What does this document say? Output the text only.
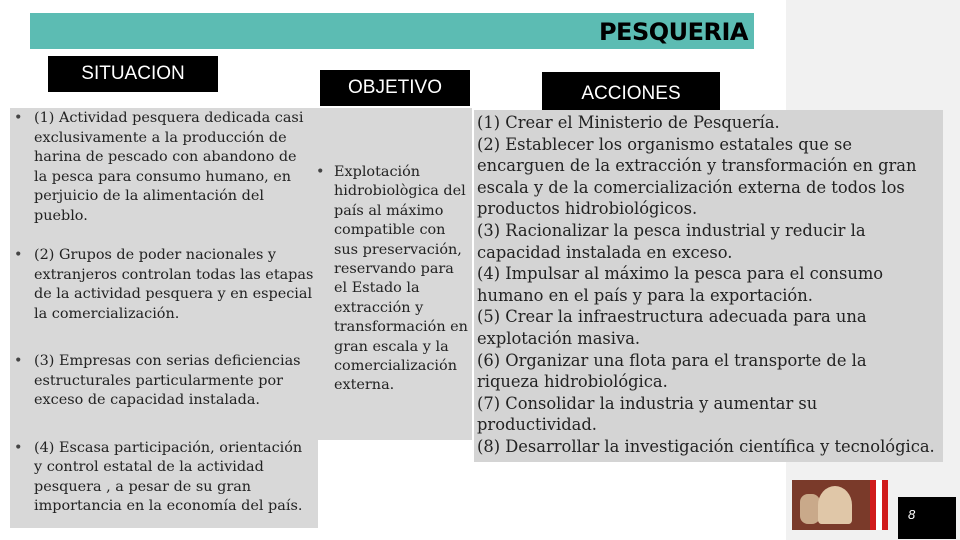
PESQUERIA
SITUACION
OBJETIVO	ACCIONES
• (1) Actividad pesquera dedicada casi exclusivamente a la producción de harina de pescado con abandono de la pesca para consumo humano, en perjuicio de la alimentación del pueblo.
• (2) Grupos de poder nacionales y extranjeros controlan todas las etapas de la actividad pesquera y en especial la comercialización.
• (3) Empresas con serias deficiencias estructurales particularmente por exceso de capacidad instalada.
• (4) Escasa participación, orientación y control estatal de la actividad pesquera , a pesar de su gran importancia en la economía del país.
• Explotación hidrobiològica del país al máximo compatible con sus preservación, reservando para el Estado la extracción y transformación en gran escala y la comercialización externa.
(1) Crear el Ministerio de Pesquería.
(2) Establecer los organismo estatales que se
encarguen de la extracción y transformación en gran
escala y de la comercialización externa de todos los
productos hidrobiológicos.
(3) Racionalizar la pesca industrial y reducir la
capacidad instalada en exceso.
(4) Impulsar al máximo la pesca para el consumo
humano en el país y para la exportación.
(5) Crear la infraestructura adecuada para una
explotación masiva.
(6) Organizar una flota para el transporte de la
riqueza hidrobiológica.
(7) Consolidar la industria y aumentar su
productividad.
(8) Desarrollar la investigación científica y tecnológica.
8
